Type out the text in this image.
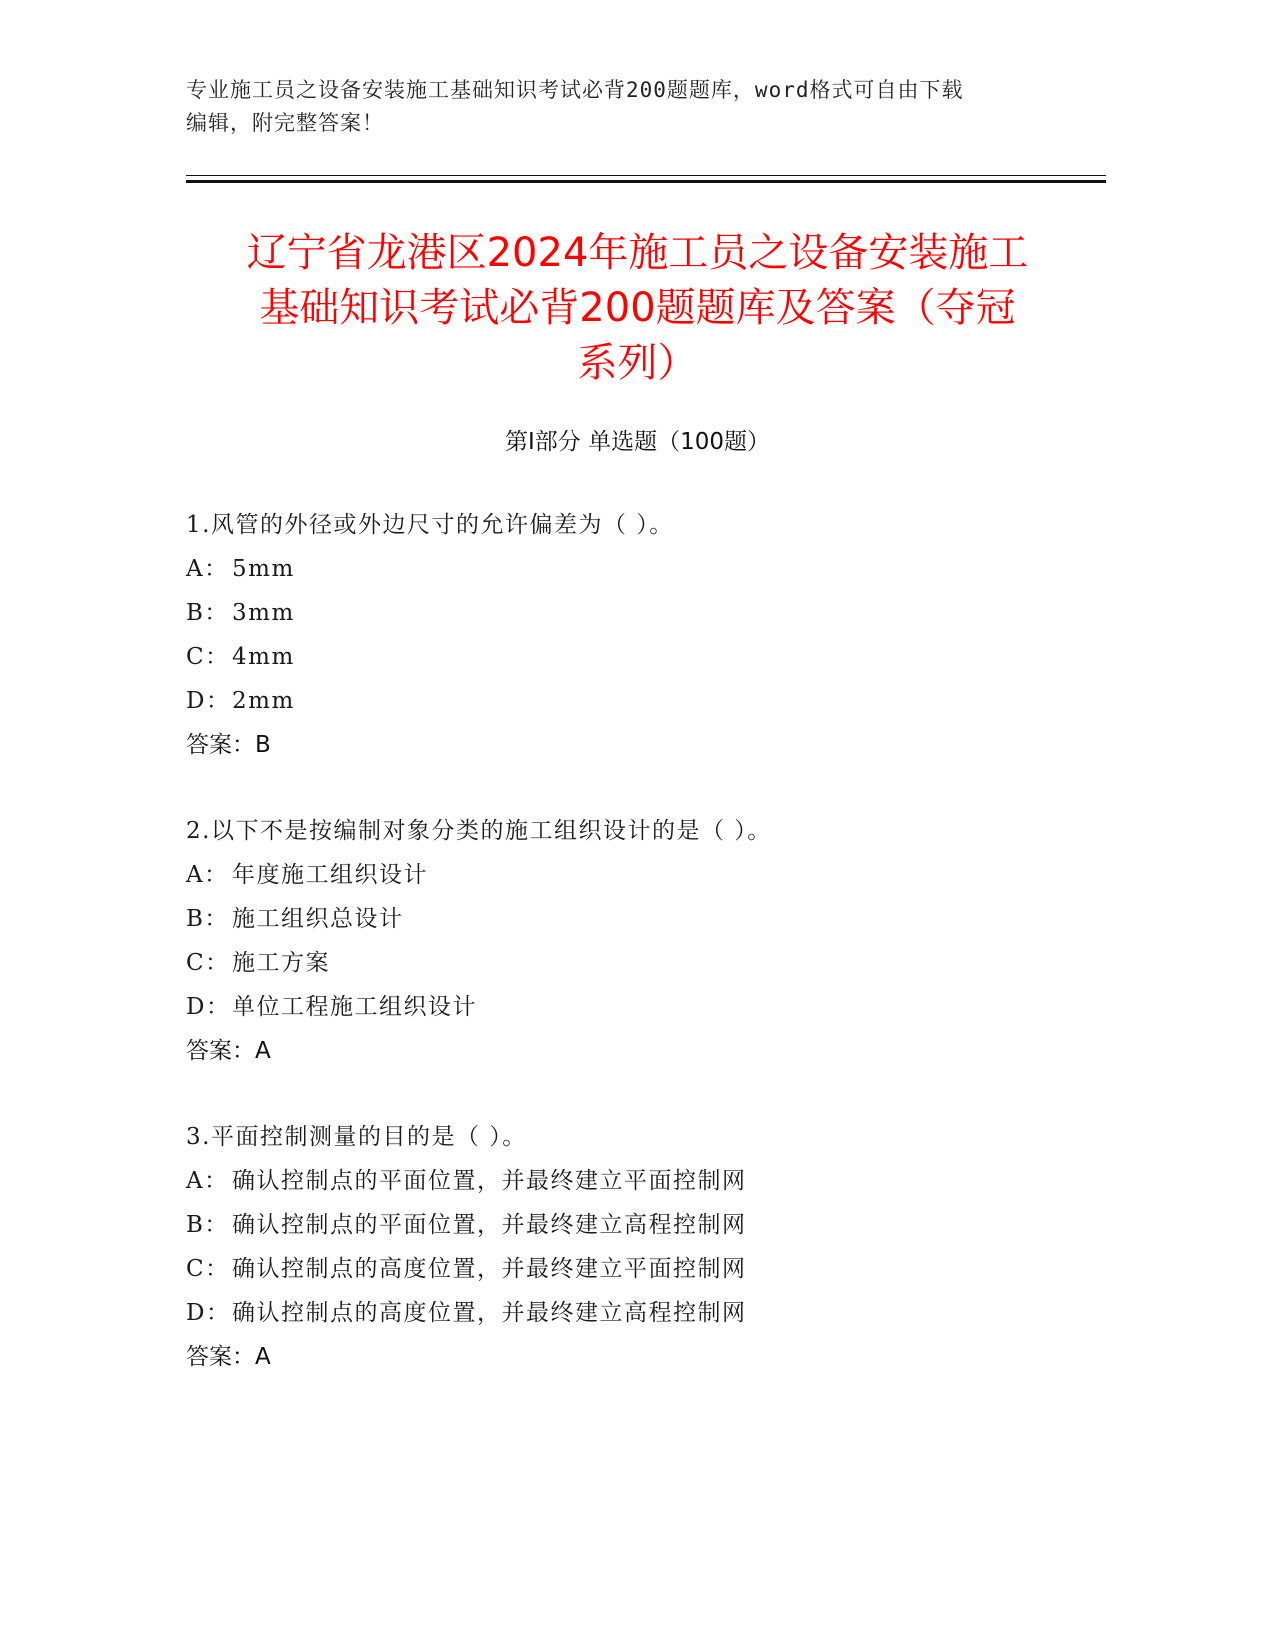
专业施工员之设备安装施工基础知识考试必背200题题库，word格式可自由下载
编辑，附完整答案！
辽宁省龙港区2024年施工员之设备安装施工
基础知识考试必背200题题库及答案（夺冠
系列）
第I部分 单选题（100题）
1.风管的外径或外边尺寸的允许偏差为（ ）。
A： 5mm
B： 3mm
C： 4mm
D：2mm
答案：B
2.以下不是按编制对象分类的施工组织设计的是（ ）。
A： 年度施工组织设计
B： 施工组织总设计
C： 施工方案
D：单位工程施工组织设计
答案：A
3.平面控制测量的目的是（ ）。
A： 确认控制点的平面位置，并最终建立平面控制网
B： 确认控制点的平面位置，并最终建立高程控制网
C： 确认控制点的高度位置，并最终建立平面控制网
D：确认控制点的高度位置，并最终建立高程控制网
答案：A
